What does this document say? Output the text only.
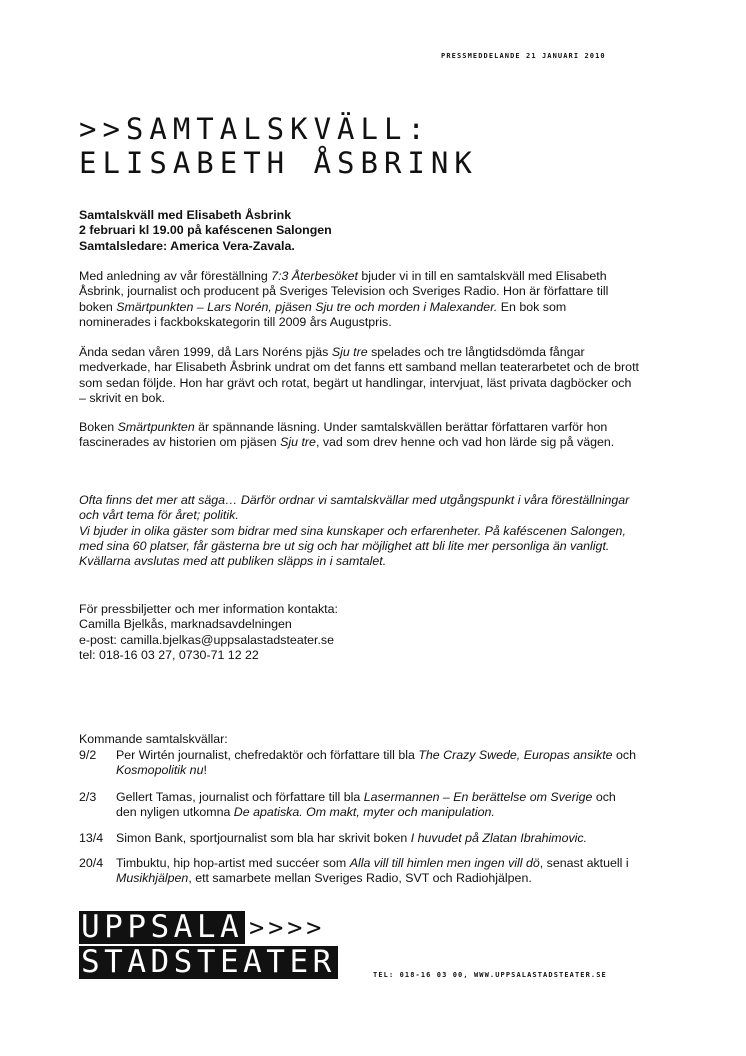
PRESSMEDDELANDE 21 JANUARI 2010
>>SAMTALSKVÄLL:
ELISABETH ÅSBRINK
Samtalskväll med Elisabeth Åsbrink
2 februari kl 19.00 på kaféscenen Salongen
Samtalsledare: America Vera-Zavala.

Med anledning av vår föreställning 7:3 Återbesöket bjuder vi in till en samtalskväll med Elisabeth Åsbrink, journalist och producent på Sveriges Television och Sveriges Radio. Hon är författare till boken Smärtpunkten – Lars Norén, pjäsen Sju tre och morden i Malexander. En bok som nominerades i fackbokskategorin till 2009 års Augustpris.

Ända sedan våren 1999, då Lars Noréns pjäs Sju tre spelades och tre långtidsdömda fångar medverkade, har Elisabeth Åsbrink undrat om det fanns ett samband mellan teaterarbetet och de brott som sedan följde. Hon har grävt och rotat, begärt ut handlingar, intervjuat, läst privata dagböcker och – skrivit en bok.

Boken Smärtpunkten är spännande läsning. Under samtalskvällen berättar författaren varför hon fascinerades av historien om pjäsen Sju tre, vad som drev henne och vad hon lärde sig på vägen.

Ofta finns det mer att säga… Därför ordnar vi samtalskvällar med utgångspunkt i våra föreställningar och vårt tema för året; politik.
Vi bjuder in olika gäster som bidrar med sina kunskaper och erfarenheter. På kaféscenen Salongen, med sina 60 platser, får gästerna bre ut sig och har möjlighet att bli lite mer personliga än vanligt. Kvällarna avslutas med att publiken släpps in i samtalet.
För pressbiljetter och mer information kontakta:
Camilla Bjelkås, marknadsavdelningen
e-post: camilla.bjelkas@uppsalastadsteater.se
tel: 018-16 03 27, 0730-71 12 22
Kommande samtalskvällar:
9/2 Per Wirtén journalist, chefredaktör och författare till bla The Crazy Swede, Europas ansikte och Kosmopolitik nu!

2/3 Gellert Tamas, journalist och författare till bla Lasermannen – En berättelse om Sverige och den nyligen utkomna De apatiska. Om makt, myter och manipulation.

13/4 Simon Bank, sportjournalist som bla har skrivit boken I huvudet på Zlatan Ibrahimovic.

20/4 Timbuktu, hip hop-artist med succéer som Alla vill till himlen men ingen vill dö, senast aktuell i Musikhjälpen, ett samarbete mellan Sveriges Radio, SVT och Radiohjälpen.

UPPSALA >>>>
STADSTEATER	TEL: 018-16 03 00, WWW.UPPSALASTADSTEATER.SE
